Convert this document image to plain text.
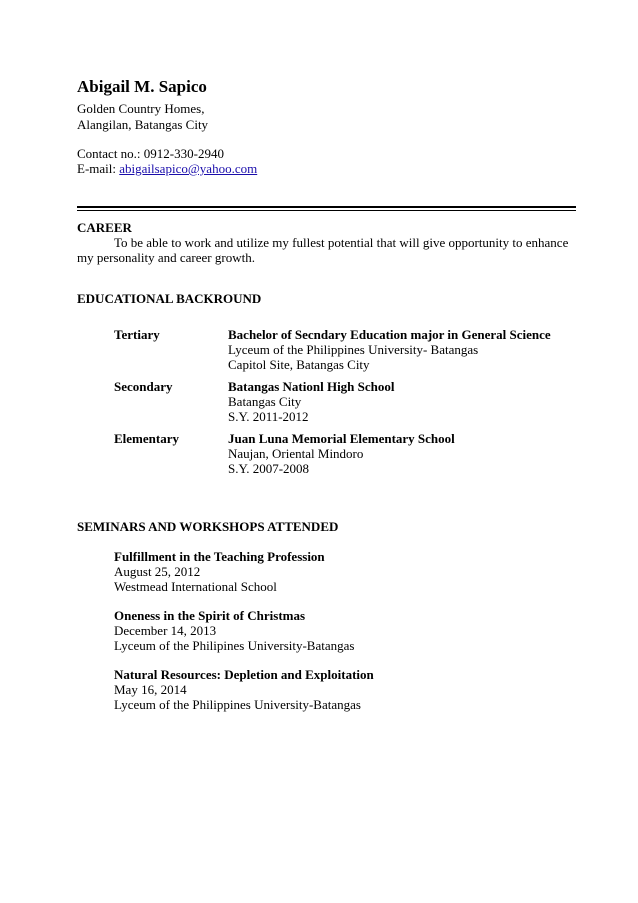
Abigail M. Sapico
Golden Country Homes,
Alangilan, Batangas City
Contact no.: 0912-330-2940
E-mail: abigailsapico@yahoo.com
CAREER
To be able to work and utilize my fullest potential that will give opportunity to enhance my personality and career growth.
EDUCATIONAL BACKROUND
Tertiary	Bachelor of Secndary Education major in General Science
Lyceum of the Philippines University- Batangas
Capitol Site, Batangas City
Secondary	Batangas Nationl High School
Batangas City
S.Y. 2011-2012
Elementary	Juan Luna Memorial Elementary School
Naujan, Oriental Mindoro
S.Y. 2007-2008
SEMINARS AND WORKSHOPS ATTENDED
Fulfillment in the Teaching Profession
August 25, 2012
Westmead International School
Oneness in the Spirit of Christmas
December 14, 2013
Lyceum of the Philipines University-Batangas
Natural Resources: Depletion and Exploitation
May 16, 2014
Lyceum of the Philippines University-Batangas
